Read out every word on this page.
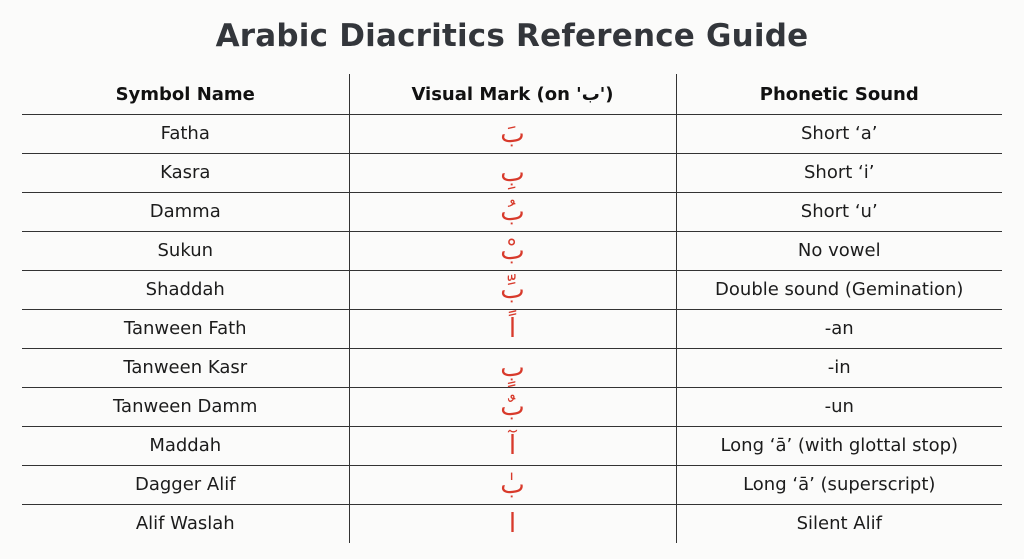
Arabic Diacritics Reference Guide
Symbol Name	Visual Mark (on 'ب')	Phonetic Sound
Fatha	بَ	Short ‘a’
Kasra	بِ	Short ‘i’
Damma	بُ	Short ‘u’
Sukun	بْ	No vowel
Shaddah	بِّ	Double sound (Gemination)
Tanween Fath	اً	-an
Tanween Kasr	بٍ	-in
Tanween Damm	بٌ	-un
Maddah	آ	Long ‘ā’ (with glottal stop)
Dagger Alif	بٰ	Long ‘ā’ (superscript)
Alif Waslah	ا	Silent Alif
